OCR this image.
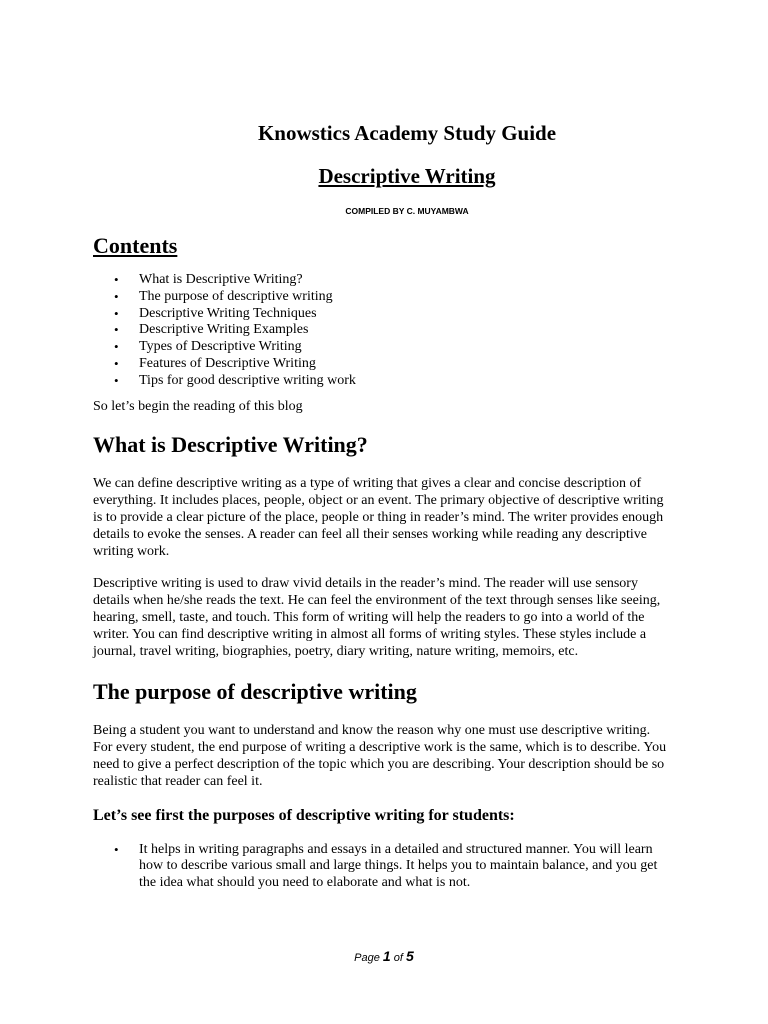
Knowstics Academy Study Guide
Descriptive Writing
COMPILED BY C. MUYAMBWA
Contents
• What is Descriptive Writing?
• The purpose of descriptive writing
• Descriptive Writing Techniques
• Descriptive Writing Examples
• Types of Descriptive Writing
• Features of Descriptive Writing
• Tips for good descriptive writing work

So let’s begin the reading of this blog

What is Descriptive Writing?

We can define descriptive writing as a type of writing that gives a clear and concise description of everything. It includes places, people, object or an event. The primary objective of descriptive writing is to provide a clear picture of the place, people or thing in reader’s mind. The writer provides enough details to evoke the senses. A reader can feel all their senses working while reading any descriptive writing work.

Descriptive writing is used to draw vivid details in the reader’s mind. The reader will use sensory details when he/she reads the text. He can feel the environment of the text through senses like seeing, hearing, smell, taste, and touch. This form of writing will help the readers to go into a world of the writer. You can find descriptive writing in almost all forms of writing styles. These styles include a journal, travel writing, biographies, poetry, diary writing, nature writing, memoirs, etc.

The purpose of descriptive writing

Being a student you want to understand and know the reason why one must use descriptive writing. For every student, the end purpose of writing a descriptive work is the same, which is to describe. You need to give a perfect description of the topic which you are describing. Your description should be so realistic that reader can feel it.

Let’s see first the purposes of descriptive writing for students:
• It helps in writing paragraphs and essays in a detailed and structured manner. You will learn how to describe various small and large things. It helps you to maintain balance, and you get the idea what should you need to elaborate and what is not.
Page 1 of 5
